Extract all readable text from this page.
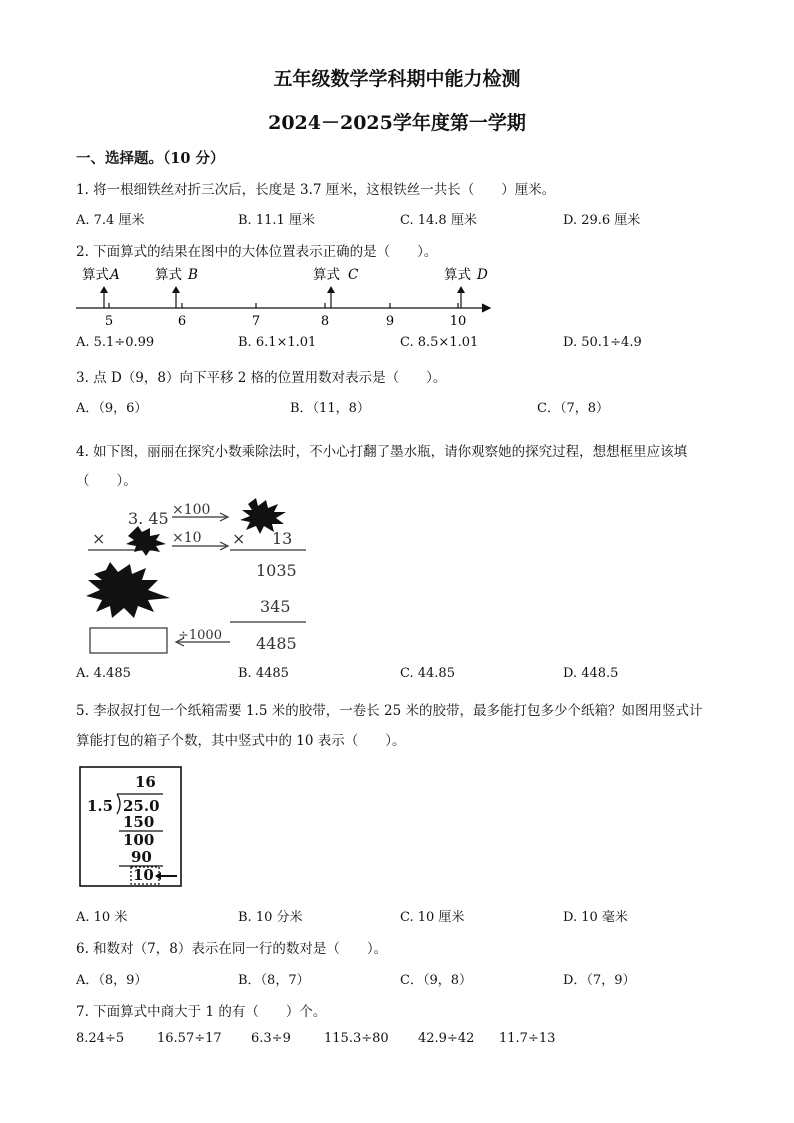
五年级数学学科期中能力检测
2024－2025学年度第一学期
一、选择题。（10 分）
1. 将一根细铁丝对折三次后，长度是 3.7 厘米，这根铁丝一共长（　　）厘米。
A. 7.4 厘米	B. 11.1 厘米	C. 14.8 厘米	D. 29.6 厘米
2. 下面算式的结果在图中的大体位置表示正确的是（　　）。
算式 A	算式 B	算式 C	算式 D
5	6	7	8	9	10
A. 5.1÷0.99	B. 6.1×1.01	C. 8.5×1.01	D. 50.1÷4.9
3. 点 D（9，8）向下平移 2 格的位置用数对表示是（　　）。
A．（9，6）	B．（11，8）	C．（7，8）
4. 如下图，丽丽在探究小数乘除法时，不小心打翻了墨水瓶，请你观察她的探究过程，想想框里应该填
（　　）。
3. 45
×
×100
×10 × 13
1035
345
4485
÷1000
A. 4.485	B. 4485	C. 44.85	D. 448.5
5. 李叔叔打包一个纸箱需要 1.5 米的胶带，一卷长 25 米的胶带，最多能打包多少个纸箱？如图用竖式计
算能打包的箱子个数，其中竖式中的 10 表示（　　）。
16
1.5 25.0
150
100
90
10
A. 10 米	B. 10 分米	C. 10 厘米	D. 10 毫米
6. 和数对（7，8）表示在同一行的数对是（　　）。
A．（8，9）	B．（8，7）	C．（9，8）	D．（7，9）
7. 下面算式中商大于 1 的有（　　）个。
8.24÷5	16.57÷17 6.3÷9	115.3÷80 42.9÷42 11.7÷13
